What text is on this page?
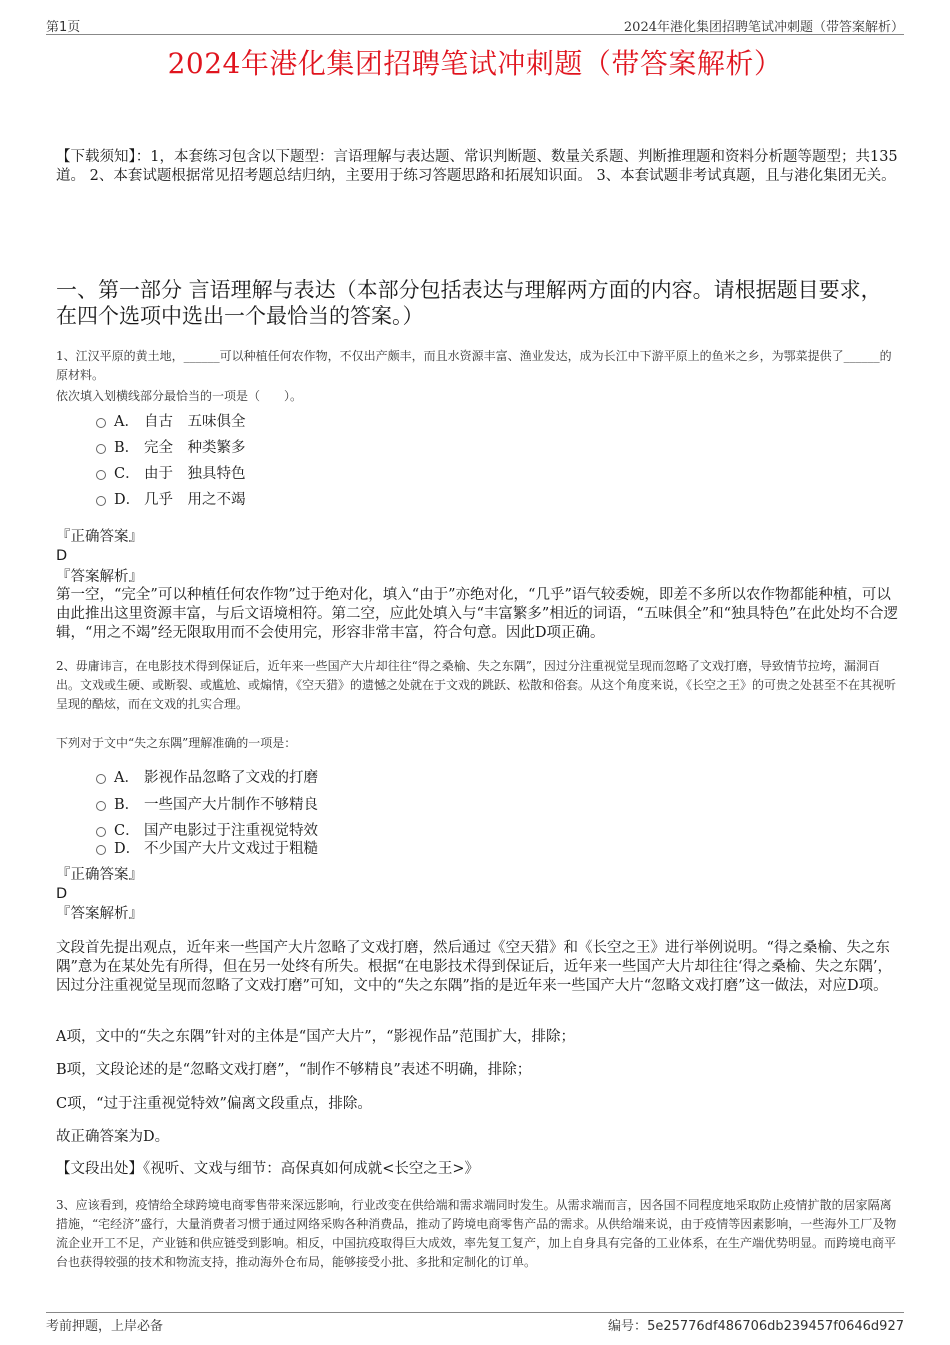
第1页	2024年港化集团招聘笔试冲刺题（带答案解析）
2024年港化集团招聘笔试冲刺题（带答案解析）
【下载须知】：1，本套练习包含以下题型：言语理解与表达题、常识判断题、数量关系题、判断推理题和资料分析题等题型；共135道。 2、本套试题根据常见招考题总结归纳，主要用于练习答题思路和拓展知识面。 3、本套试题非考试真题，且与港化集团无关。
一、第一部分 言语理解与表达（本部分包括表达与理解两方面的内容。请根据题目要求，在四个选项中选出一个最恰当的答案。）
1、江汉平原的黄土地，______可以种植任何农作物，不仅出产颇丰，而且水资源丰富、渔业发达，成为长江中下游平原上的鱼米之乡，为鄂菜提供了______的原材料。
依次填入划横线部分最恰当的一项是（　　）。
A． 自古　五味俱全
B． 完全　种类繁多
C． 由于　独具特色
D． 几乎　用之不竭
『正确答案』
D
『答案解析』
第一空，“完全”可以种植任何农作物”过于绝对化，填入“由于”亦绝对化，“几乎”语气较委婉，即差不多所以农作物都能种植，可以由此推出这里资源丰富，与后文语境相符。第二空，应此处填入与“丰富繁多”相近的词语，“五味俱全”和“独具特色”在此处均不合逻辑，“用之不竭”经无限取用而不会使用完，形容非常丰富，符合句意。因此D项正确。
2、毋庸讳言，在电影技术得到保证后，近年来一些国产大片却往往“得之桑榆、失之东隅”，因过分注重视觉呈现而忽略了文戏打磨，导致情节拉垮，漏洞百出。文戏或生硬、或断裂、或尴尬、或煽情，《空天猎》的遗憾之处就在于文戏的跳跃、松散和俗套。从这个角度来说，《长空之王》的可贵之处甚至不在其视听呈现的酷炫，而在文戏的扎实合理。
下列对于文中“失之东隅”理解准确的一项是：
A． 影视作品忽略了文戏的打磨
B． 一些国产大片制作不够精良
C． 国产电影过于注重视觉特效
D． 不少国产大片文戏过于粗糙
『正确答案』
D
『答案解析』
文段首先提出观点，近年来一些国产大片忽略了文戏打磨，然后通过《空天猎》和《长空之王》进行举例说明。“得之桑榆、失之东隅”意为在某处先有所得，但在另一处终有所失。根据“在电影技术得到保证后，近年来一些国产大片却往往‘得之桑榆、失之东隅’，因过分注重视觉呈现而忽略了文戏打磨”可知，文中的“失之东隅”指的是近年来一些国产大片“忽略文戏打磨”这一做法，对应D项。
A项，文中的“失之东隅”针对的主体是“国产大片”，“影视作品”范围扩大，排除；
B项，文段论述的是“忽略文戏打磨”，“制作不够精良”表述不明确，排除；
C项，“过于注重视觉特效”偏离文段重点，排除。
故正确答案为D。
【文段出处】《视听、文戏与细节：高保真如何成就<长空之王>》
3、应该看到，疫情给全球跨境电商零售带来深远影响，行业改变在供给端和需求端同时发生。从需求端而言，因各国不同程度地采取防止疫情扩散的居家隔离措施，“宅经济”盛行，大量消费者习惯于通过网络采购各种消费品，推动了跨境电商零售产品的需求。从供给端来说，由于疫情等因素影响，一些海外工厂及物流企业开工不足，产业链和供应链受到影响。相反，中国抗疫取得巨大成效，率先复工复产，加上自身具有完备的工业体系，在生产端优势明显。而跨境电商平台也获得较强的技术和物流支持，推动海外仓布局，能够接受小批、多批和定制化的订单。
考前押题，上岸必备	编号：5e25776df486706db239457f0646d927
